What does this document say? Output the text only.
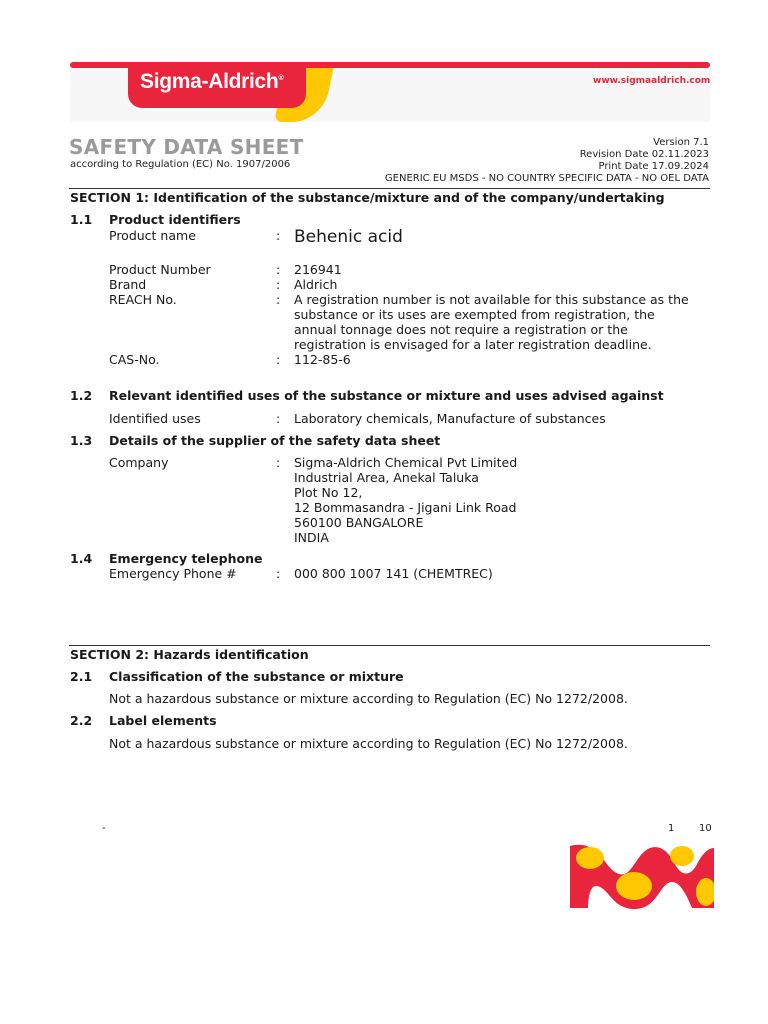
Sigma-Aldrich®	www.sigmaaldrich.com
SAFETY DATA SHEET
according to Regulation (EC) No. 1907/2006
Version 7.1
Revision Date 02.11.2023
Print Date 17.09.2024
GENERIC EU MSDS - NO COUNTRY SPECIFIC DATA - NO OEL DATA
SECTION 1: Identification of the substance/mixture and of the company/undertaking
1.1 Product identifiers
Product name	: Behenic acid
Product Number	: 216941
Brand	: Aldrich
REACH No.	: A registration number is not available for this substance as the
substance or its uses are exempted from registration, the
annual tonnage does not require a registration or the
registration is envisaged for a later registration deadline.
CAS-No.	: 112-85-6
1.2 Relevant identified uses of the substance or mixture and uses advised against
Identified uses	: Laboratory chemicals, Manufacture of substances
1.3 Details of the supplier of the safety data sheet
Company	: Sigma-Aldrich Chemical Pvt Limited
Industrial Area, Anekal Taluka
Plot No 12,
12 Bommasandra - Jigani Link Road
560100 BANGALORE
INDIA
1.4 Emergency telephone
Emergency Phone #	: 000 800 1007 141 (CHEMTREC)
SECTION 2: Hazards identification
2.1 Classification of the substance or mixture
Not a hazardous substance or mixture according to Regulation (EC) No 1272/2008.
2.2 Label elements
Not a hazardous substance or mixture according to Regulation (EC) No 1272/2008.
-	1 10
